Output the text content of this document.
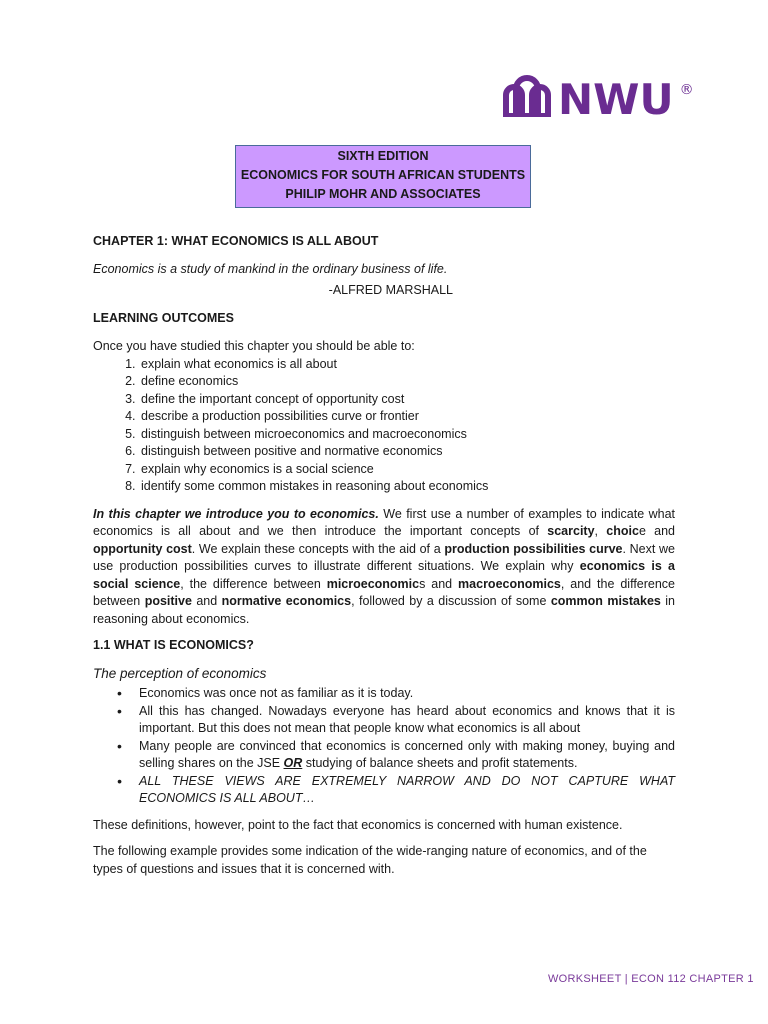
NWU ®
SIXTH EDITION
ECONOMICS FOR SOUTH AFRICAN STUDENTS
PHILIP MOHR AND ASSOCIATES

CHAPTER 1: WHAT ECONOMICS IS ALL ABOUT

Economics is a study of mankind in the ordinary business of life.

-ALFRED MARSHALL

LEARNING OUTCOMES

Once you have studied this chapter you should be able to:

1. explain what economics is all about
2. define economics
3. define the important concept of opportunity cost
4. describe a production possibilities curve or frontier
5. distinguish between microeconomics and macroeconomics
6. distinguish between positive and normative economics
7. explain why economics is a social science
8. identify some common mistakes in reasoning about economics

In this chapter we introduce you to economics. We first use a number of examples to indicate what economics is all about and we then introduce the important concepts of scarcity, choice and opportunity cost. We explain these concepts with the aid of a production possibilities curve. Next we use production possibilities curves to illustrate different situations. We explain why economics is a social science, the difference between microeconomics and macroeconomics, and the difference between positive and normative economics, followed by a discussion of some common mistakes in reasoning about economics.

1.1 WHAT IS ECONOMICS?

The perception of economics

• Economics was once not as familiar as it is today.
• All this has changed. Nowadays everyone has heard about economics and knows that it is important. But this does not mean that people know what economics is all about
• Many people are convinced that economics is concerned only with making money, buying and selling shares on the JSE OR studying of balance sheets and profit statements.
• ALL THESE VIEWS ARE EXTREMELY NARROW AND DO NOT CAPTURE WHAT ECONOMICS IS ALL ABOUT…

These definitions, however, point to the fact that economics is concerned with human existence.

The following example provides some indication of the wide-ranging nature of economics, and of the types of questions and issues that it is concerned with.

WORKSHEET | ECON 112 CHAPTER 1
